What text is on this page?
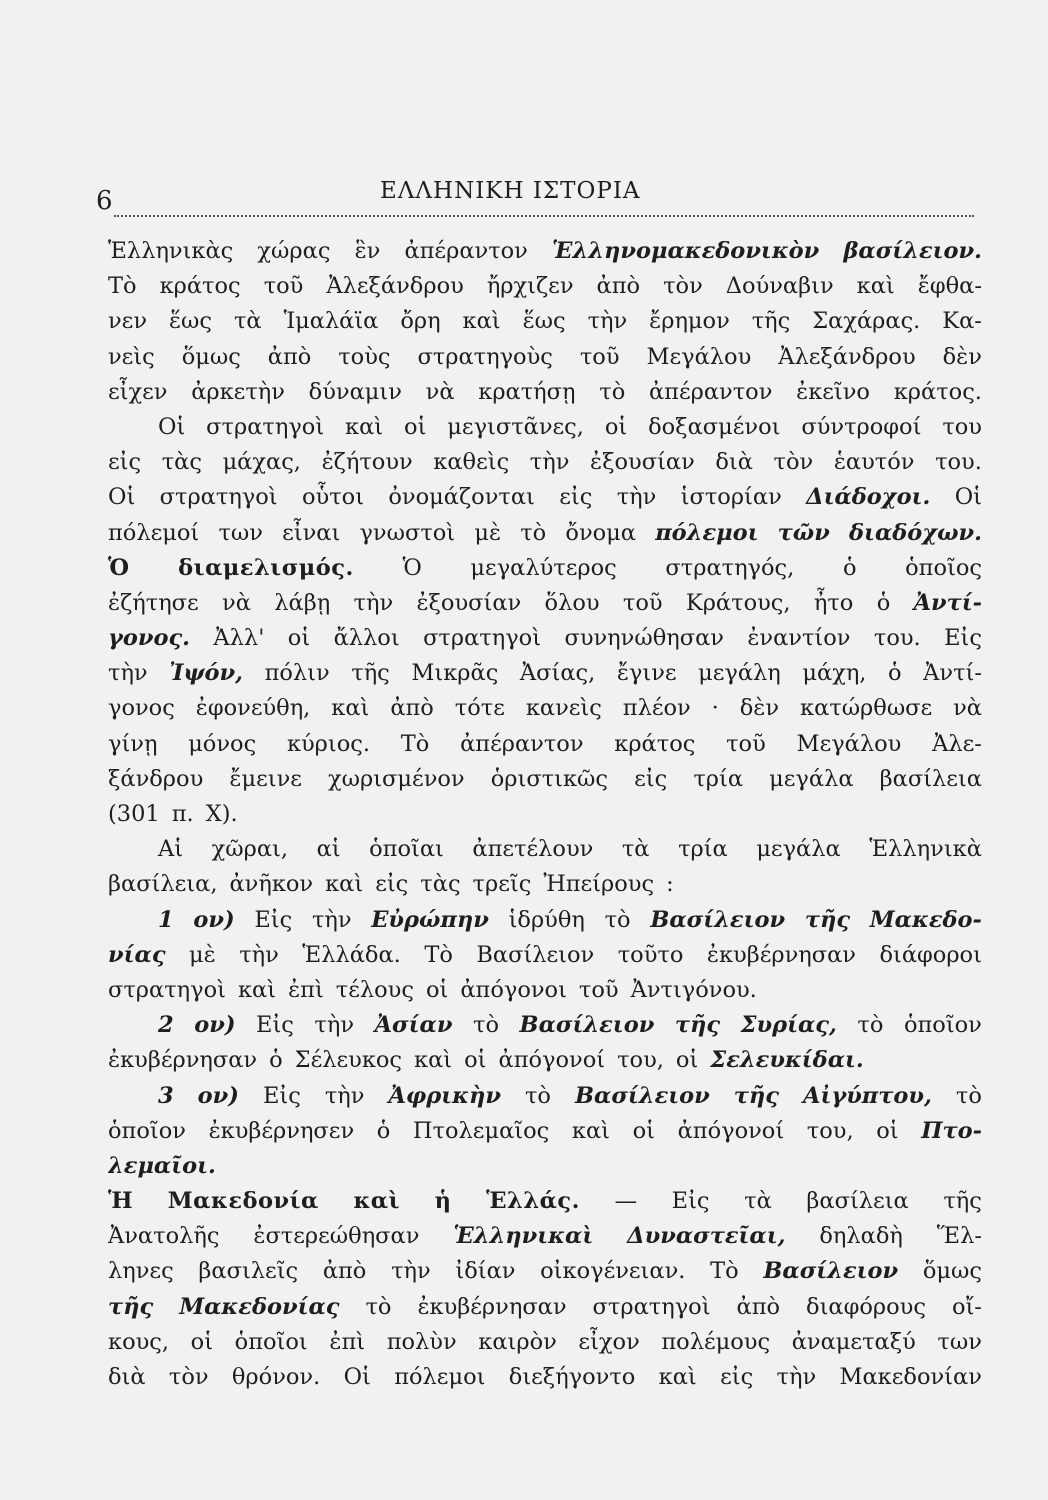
6	ΕΛΛΗΝΙΚΗ ΙΣΤΟΡΙΑ
Ἑλληνικὰς χώρας ἓν ἀπέραντον Ἑλληνομακεδονικὸν βασίλειον.
Τὸ κράτος τοῦ Ἀλεξάνδρου ἤρχιζεν ἀπὸ τὸν Δούναβιν καὶ ἔφθα-
νεν ἕως τὰ Ἱμαλάϊα ὄρη καὶ ἕως τὴν ἔρημον τῆς Σαχάρας. Κα-
νεὶς ὅμως ἀπὸ τοὺς στρατηγοὺς τοῦ Μεγάλου Ἀλεξάνδρου δὲν
εἶχεν ἀρκετὴν δύναμιν νὰ κρατήσῃ τὸ ἀπέραντον ἐκεῖνο κράτος.
Οἱ στρατηγοὶ καὶ οἱ μεγιστᾶνες, οἱ δοξασμένοι σύντροφοί του
εἰς τὰς μάχας, ἐζήτουν καθεὶς τὴν ἐξουσίαν διὰ τὸν ἑαυτόν του.
Οἱ στρατηγοὶ οὗτοι ὀνομάζονται εἰς τὴν ἱστορίαν Διάδοχοι. Οἱ
πόλεμοί των εἶναι γνωστοὶ μὲ τὸ ὄνομα πόλεμοι τῶν διαδόχων.
Ὁ διαμελισμός. Ὁ μεγαλύτερος στρατηγός, ὁ ὁποῖος
ἐζήτησε νὰ λάβῃ τὴν ἐξουσίαν ὅλου τοῦ Κράτους, ἦτο ὁ Ἀντί-
γονος. Ἀλλ' οἱ ἄλλοι στρατηγοὶ συνηνώθησαν ἐναντίον του. Εἰς
τὴν Ἰψόν, πόλιν τῆς Μικρᾶς Ἀσίας, ἔγινε μεγάλη μάχη, ὁ Ἀντί-
γονος ἐφονεύθη, καὶ ἀπὸ τότε κανεὶς πλέον · δὲν κατώρθωσε νὰ
γίνῃ μόνος κύριος. Τὸ ἀπέραντον κράτος τοῦ Μεγάλου Ἀλε-
ξάνδρου ἔμεινε χωρισμένον ὁριστικῶς εἰς τρία μεγάλα βασίλεια
(301 π. Χ).
Αἱ χῶραι, αἱ ὁποῖαι ἀπετέλουν τὰ τρία μεγάλα Ἑλληνικὰ
βασίλεια, ἀνῆκον καὶ εἰς τὰς τρεῖς Ἠπείρους :
1 ον) Εἰς τὴν Εὐρώπην ἱδρύθη τὸ Βασίλειον τῆς Μακεδο-
νίας μὲ τὴν Ἑλλάδα. Τὸ Βασίλειον τοῦτο ἐκυβέρνησαν διάφοροι
στρατηγοὶ καὶ ἐπὶ τέλους οἱ ἀπόγονοι τοῦ Ἀντιγόνου.
2 ον) Εἰς τὴν Ἀσίαν τὸ Βασίλειον τῆς Συρίας, τὸ ὁποῖον
ἐκυβέρνησαν ὁ Σέλευκος καὶ οἱ ἀπόγονοί του, οἱ Σελευκίδαι.
3 ον) Εἰς τὴν Ἀφρικὴν τὸ Βασίλειον τῆς Αἰγύπτου, τὸ
ὁποῖον ἐκυβέρνησεν ὁ Πτολεμαῖος καὶ οἱ ἀπόγονοί του, οἱ Πτο-
λεμαῖοι.
Ἡ Μακεδονία καὶ ἡ Ἑλλάς. — Εἰς τὰ βασίλεια τῆς
Ἀνατολῆς ἐστερεώθησαν Ἑλληνικαὶ Δυναστεῖαι, δηλαδὴ Ἕλ-
ληνες βασιλεῖς ἀπὸ τὴν ἰδίαν οἰκογένειαν. Τὸ Βασίλειον ὅμως
τῆς Μακεδονίας τὸ ἐκυβέρνησαν στρατηγοὶ ἀπὸ διαφόρους οἴ-
κους, οἱ ὁποῖοι ἐπὶ πολὺν καιρὸν εἶχον πολέμους ἀναμεταξύ των
διὰ τὸν θρόνον. Οἱ πόλεμοι διεξήγοντο καὶ εἰς τὴν Μακεδονίαν
